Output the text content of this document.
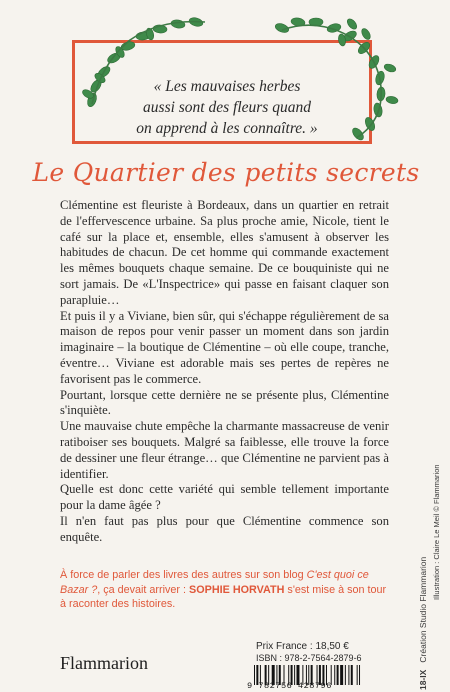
« Les mauvaises herbes
aussi sont des fleurs quand
on apprend à les connaître. »
Le Quartier des petits secrets

Clémentine est fleuriste à Bordeaux, dans un quartier en retrait de l'effervescence urbaine. Sa plus proche amie, Nicole, tient le café sur la place et, ensemble, elles s'amusent à observer les habitudes de chacun. De cet homme qui commande exactement les mêmes bouquets chaque semaine. De ce bouquiniste qui ne sort jamais. De «L'Inspectrice» qui passe en faisant claquer son parapluie…

Et puis il y a Viviane, bien sûr, qui s'échappe régulièrement de sa maison de repos pour venir passer un moment dans son jardin imaginaire – la boutique de Clémentine – où elle coupe, tranche, éventre… Viviane est adorable mais ses pertes de repères ne favorisent pas le commerce.

Pourtant, lorsque cette dernière ne se présente plus, Clémentine s'inquiète.

Une mauvaise chute empêche la charmante massacreuse de venir ratiboiser ses bouquets. Malgré sa faiblesse, elle trouve la force de dessiner une fleur étrange… que Clémentine ne parvient pas à identifier.

Quelle est donc cette variété qui semble tellement importante pour la dame âgée ?

Il n'en faut pas plus pour que Clémentine commence son enquête.

À force de parler des livres des autres sur son blog C'est quoi ce Bazar ?, ça devait arriver : SOPHIE HORVATH s'est mise à son tour à raconter des histoires.
Flammarion
Prix France : 18,50 €
ISBN : 978-2-7564-2879-6
9 782756 428796
Illustration : Claire Le Meil © Flammarion
18-IX   Création Studio Flammarion
